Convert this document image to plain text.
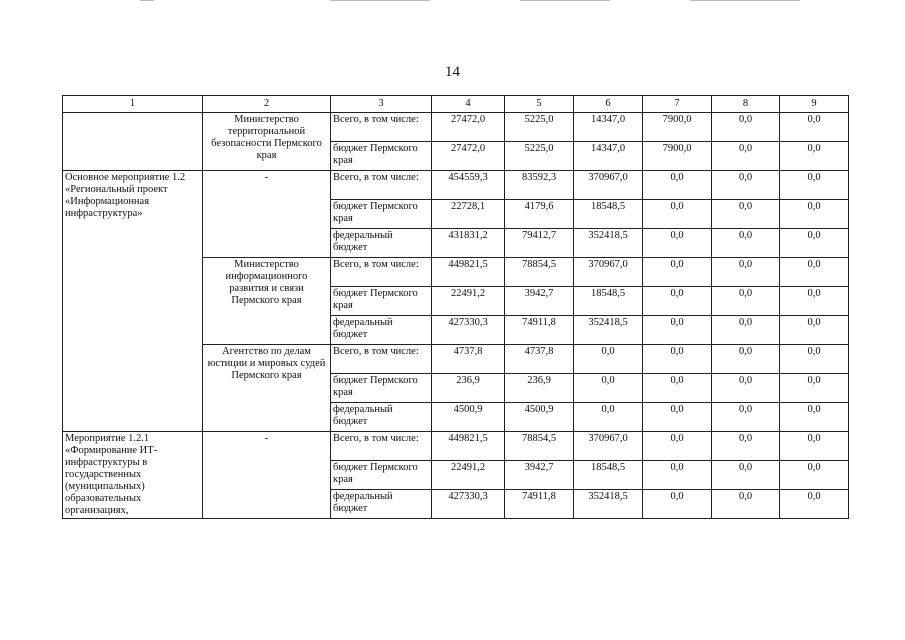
14
1	2	3	4	5	6	7	8	9
	Министерство территориальной безопасности Пермского края	Всего, в том числе:	27472,0	5225,0	14347,0	7900,0	0,0	0,0
		бюджет Пермского края	27472,0	5225,0	14347,0	7900,0	0,0	0,0
Основное мероприятие 1.2 «Региональный проект «Информационная инфраструктура»	-	Всего, в том числе:	454559,3	83592,3	370967,0	0,0	0,0	0,0
		бюджет Пермского края	22728,1	4179,6	18548,5	0,0	0,0	0,0
		федеральный бюджет	431831,2	79412,7	352418,5	0,0	0,0	0,0
	Министерство информационного развития и связи Пермского края	Всего, в том числе:	449821,5	78854,5	370967,0	0,0	0,0	0,0
		бюджет Пермского края	22491,2	3942,7	18548,5	0,0	0,0	0,0
		федеральный бюджет	427330,3	74911,8	352418,5	0,0	0,0	0,0
	Агентство по делам юстиции и мировых судей Пермского края	Всего, в том числе:	4737,8	4737,8	0,0	0,0	0,0	0,0
		бюджет Пермского края	236,9	236,9	0,0	0,0	0,0	0,0
		федеральный бюджет	4500,9	4500,9	0,0	0,0	0,0	0,0
Мероприятие 1.2.1 «Формирование ИТ-инфраструктуры в государственных (муниципальных) образовательных организациях,	-	Всего, в том числе:	449821,5	78854,5	370967,0	0,0	0,0	0,0
		бюджет Пермского края	22491,2	3942,7	18548,5	0,0	0,0	0,0
		федеральный бюджет	427330,3	74911,8	352418,5	0,0	0,0	0,0
